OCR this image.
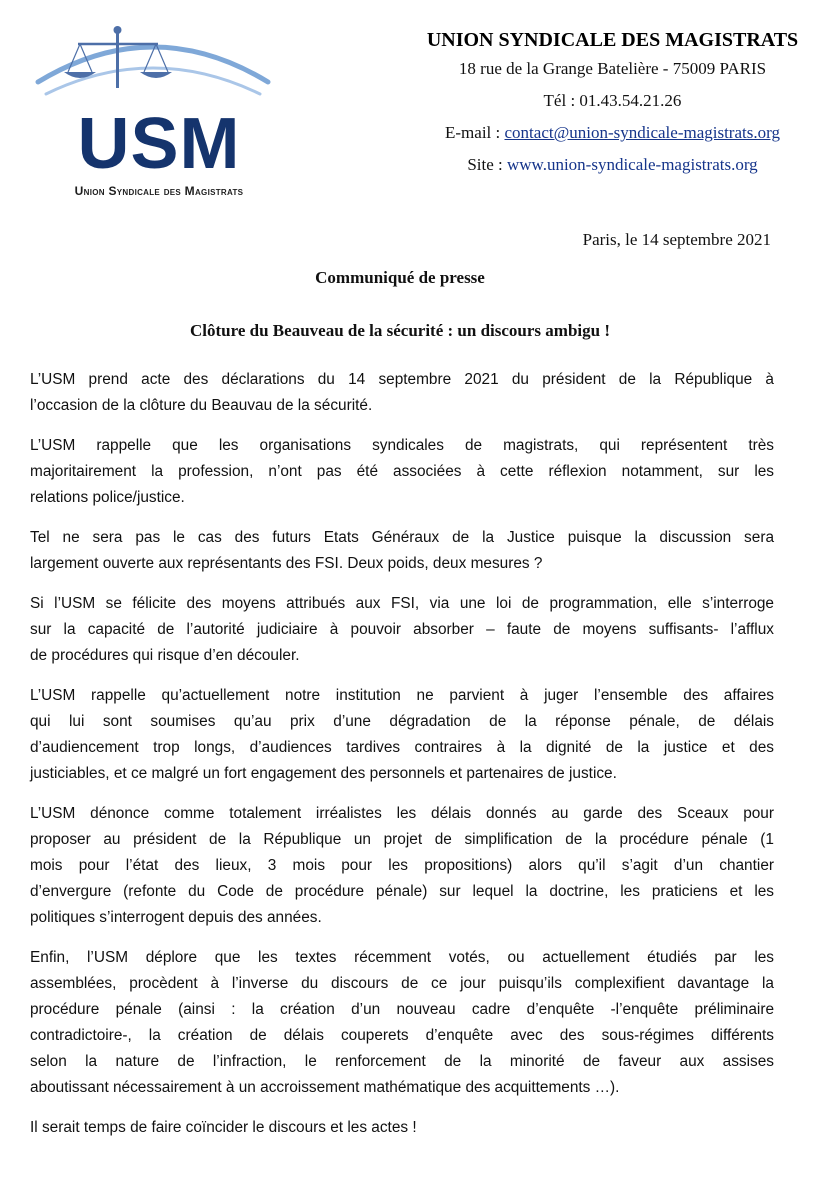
USM
Union Syndicale des Magistrats
UNION SYNDICALE DES MAGISTRATS
18 rue de la Grange Batelière - 75009 PARIS
Tél : 01.43.54.21.26
E-mail : contact@union-syndicale-magistrats.org
Site : www.union-syndicale-magistrats.org
Paris, le 14 septembre 2021
Communiqué de presse
Clôture du Beauveau de la sécurité : un discours ambigu !

L’USM prend acte des déclarations du 14 septembre 2021 du président de la République à
l’occasion de la clôture du Beauvau de la sécurité.

L’USM rappelle que les organisations syndicales de magistrats, qui représentent très
majoritairement la profession, n’ont pas été associées à cette réflexion notamment, sur les
relations police/justice.

Tel ne sera pas le cas des futurs Etats Généraux de la Justice puisque la discussion sera
largement ouverte aux représentants des FSI. Deux poids, deux mesures ?

Si l’USM se félicite des moyens attribués aux FSI, via une loi de programmation, elle s’interroge
sur la capacité de l’autorité judiciaire à pouvoir absorber – faute de moyens suffisants- l’afflux
de procédures qui risque d’en découler.

L’USM rappelle qu’actuellement notre institution ne parvient à juger l’ensemble des affaires
qui lui sont soumises qu’au prix d’une dégradation de la réponse pénale, de délais
d’audiencement trop longs, d’audiences tardives contraires à la dignité de la justice et des
justiciables, et ce malgré un fort engagement des personnels et partenaires de justice.

L’USM dénonce comme totalement irréalistes les délais donnés au garde des Sceaux pour
proposer au président de la République un projet de simplification de la procédure pénale (1
mois pour l’état des lieux, 3 mois pour les propositions) alors qu’il s’agit d’un chantier
d’envergure (refonte du Code de procédure pénale) sur lequel la doctrine, les praticiens et les
politiques s’interrogent depuis des années.

Enfin, l’USM déplore que les textes récemment votés, ou actuellement étudiés par les
assemblées, procèdent à l’inverse du discours de ce jour puisqu’ils complexifient davantage la
procédure pénale (ainsi : la création d’un nouveau cadre d’enquête -l’enquête préliminaire
contradictoire-, la création de délais couperets d’enquête avec des sous-régimes différents
selon la nature de l’infraction, le renforcement de la minorité de faveur aux assises
aboutissant nécessairement à un accroissement mathématique des acquittements …).

Il serait temps de faire coïncider le discours et les actes !
